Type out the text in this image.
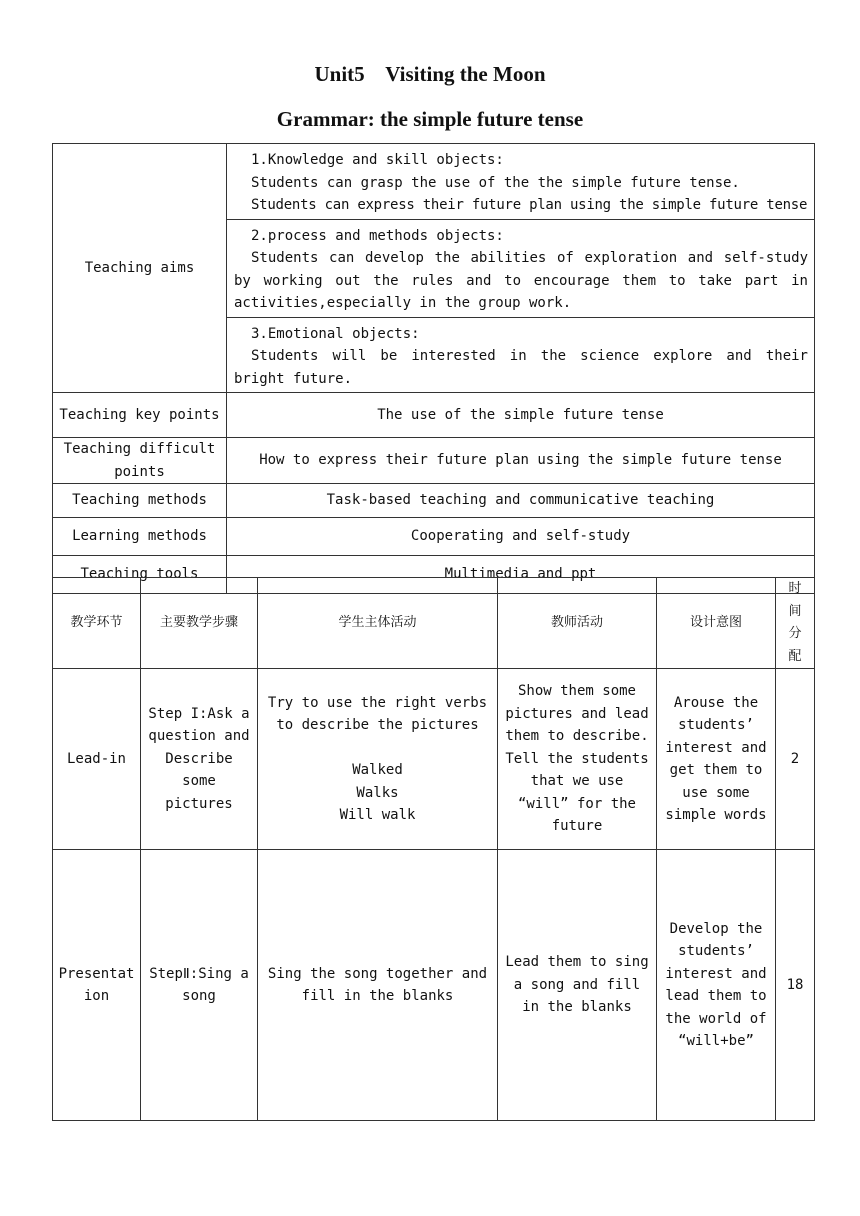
Unit5    Visiting the Moon
Grammar: the simple future tense
Teaching aims	1.Knowledge and skill objects:
Students can grasp the use of the the simple future tense.
Students can express their future plan using the simple future tense

	2.process and methods objects:
Students can develop the abilities of exploration and self-study by working out the rules and to encourage them to take part in activities,especially in the group work.

	3.Emotional objects:
Students will be interested in the science explore and their bright future.

Teaching key points	The use of the simple future tense
Teaching difficult points	How to express their future plan using the simple future tense
Teaching methods	Task-based teaching and communicative teaching
Learning methods	Cooperating and self-study
Teaching tools	Multimedia and ppt
教学环节	主要教学步骤	学生主体活动	教师活动	设计意图	时
间
分
配

Lead-in	Step I:Ask a question and Describe some pictures	Try to use the right verbs to describe the pictures
Walked
Walks
Will walk	Show them some pictures and lead them to describe. Tell the students that we use “will” for the future	Arouse the students’ interest and get them to use some simple words	2
Presentation	StepⅡ:Sing a song	Sing the song together and fill in the blanks	Lead them to sing a song and fill in the blanks	Develop the students’ interest and lead them to the world of “will+be”	18
